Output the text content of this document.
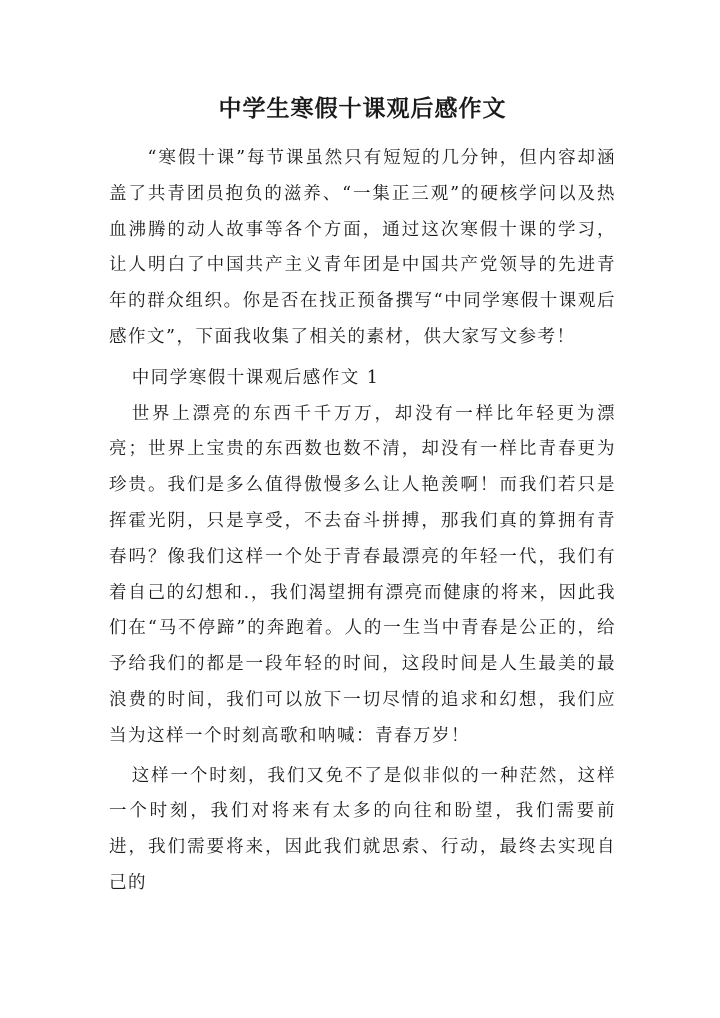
中学生寒假十课观后感作文

“寒假十课”每节课虽然只有短短的几分钟，但内容却涵盖了共青团员抱负的滋养、“一集正三观”的硬核学问以及热血沸腾的动人故事等各个方面，通过这次寒假十课的学习，让人明白了中国共产主义青年团是中国共产党领导的先进青年的群众组织。你是否在找正预备撰写“中同学寒假十课观后感作文”，下面我收集了相关的素材，供大家写文参考！

中同学寒假十课观后感作文 1

世界上漂亮的东西千千万万，却没有一样比年轻更为漂亮；世界上宝贵的东西数也数不清，却没有一样比青春更为珍贵。我们是多么值得傲慢多么让人艳羡啊！而我们若只是挥霍光阴，只是享受，不去奋斗拼搏，那我们真的算拥有青春吗？像我们这样一个处于青春最漂亮的年轻一代，我们有着自己的幻想和.，我们渴望拥有漂亮而健康的将来，因此我们在“马不停蹄”的奔跑着。人的一生当中青春是公正的，给予给我们的都是一段年轻的时间，这段时间是人生最美的最浪费的时间，我们可以放下一切尽情的追求和幻想，我们应当为这样一个时刻高歌和呐喊：青春万岁！

这样一个时刻，我们又免不了是似非似的一种茫然，这样一个时刻，我们对将来有太多的向往和盼望，我们需要前进，我们需要将来，因此我们就思索、行动，最终去实现自己的
